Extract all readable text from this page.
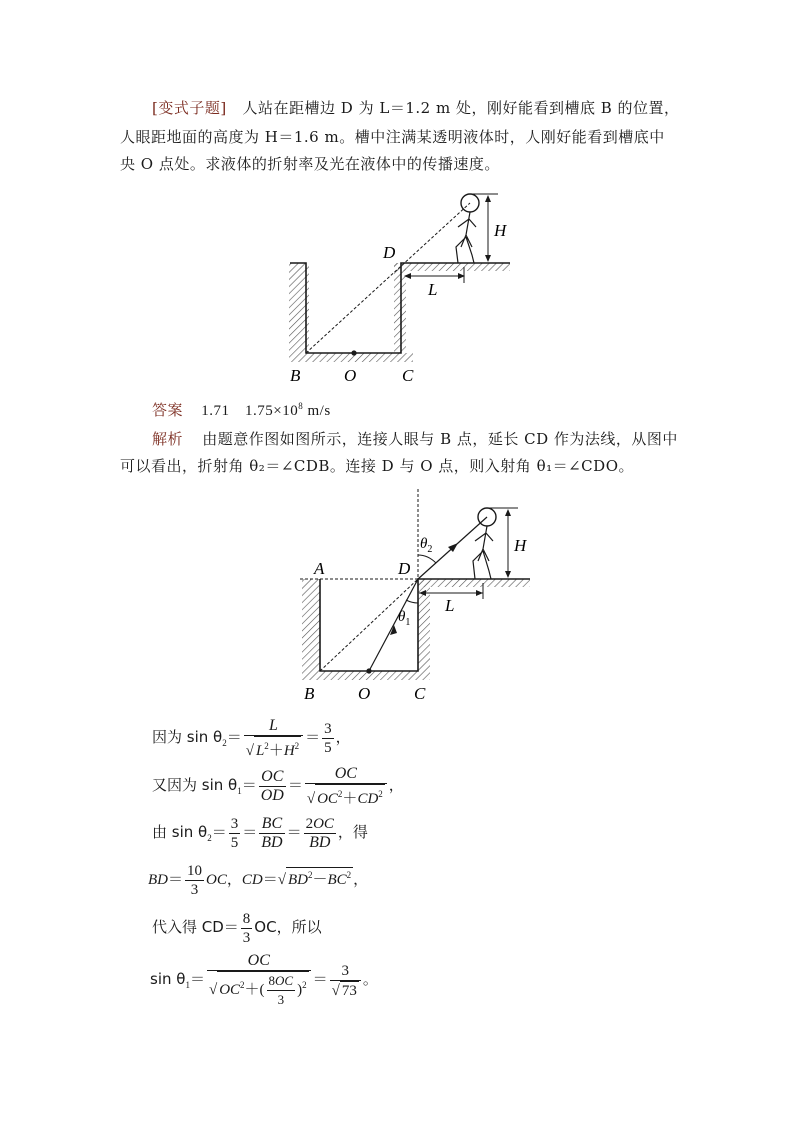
[变式子题] 人站在距槽边 D 为 L＝1.2 m 处，刚好能看到槽底 B 的位置，
人眼距地面的高度为 H＝1.6 m。槽中注满某透明液体时，人刚好能看到槽底中
央 O 点处。求液体的折射率及光在液体中的传播速度。
D
L
H
B	O	C
答案 1.71　$1.75\times 10^8$ m/s
解析 由题意作图如图所示，连接人眼与 B 点，延长 CD 作为法线，从图中
可以看出，折射角 θ₂＝∠CDB。连接 D 与 O 点，则入射角 θ₁＝∠CDO。
A	D
L
H
$\theta_2$
$\theta_1$
B	O	C
因为 $\sin \theta_2= \frac{L}{√ L^2+H^2} = \frac{3}{5}$ ，
又因为 $\sin \theta_1= \frac{OC}{OD} = \frac{OC}{√ OC^2+CD^2}$ ，
由 $\sin \theta_2= \frac{3}{5} = \frac{BC}{BD} = \frac{2OC}{BD}$ ，得
$BD= \frac{10}{3}$ OC，CD＝√ $BD^2-BC^2$ ，
代入得 $CD= \frac{8}{3}$ OC，所以
$\sin \theta_1= \frac{OC}{√ OC^2+( \frac{8OC}{3} )^2} = \frac{3}{√ 73}$ 。
